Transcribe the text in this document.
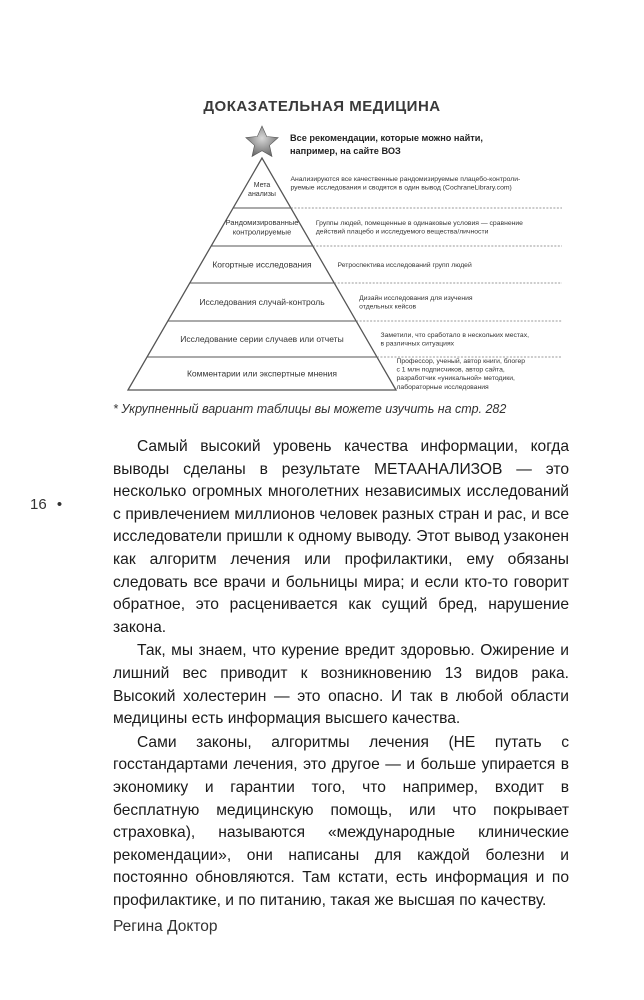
ДОКАЗАТЕЛЬНАЯ МЕДИЦИНА
Мета
анализы
Рандомизированные
контролируемые
Когортные исследования
Исследования случай-контроль
Исследование серии случаев или отчеты
Комментарии или экспертные мнения
Анализируются все качественные рандомизируемые плацебо-контроли-
руемые исследования и сводятся в один вывод (CochraneLibrary.com)
Группы людей, помещенные в одинаковые условия — сравнение
действий плацебо и исследуемого вещества/личности
Ретроспектива исследований групп людей
Дизайн исследования для изучения
отдельных кейсов
Заметили, что сработало в нескольких местах,
в различных ситуациях
Профессор, ученый, автор книги, блогер
с 1 млн подписчиков, автор сайта,
разработчик «уникальной» методики,
лабораторные исследования
Все рекомендации, которые можно найти,
например, на сайте ВОЗ
* Укрупненный вариант таблицы вы можете изучить на стр. 282

Самый высокий уровень качества информации, когда выводы сделаны в результате МЕТААНАЛИЗОВ — это несколько огромных многолетних независимых исследований с привлечением миллионов человек разных стран и рас, и все исследователи пришли к одному выводу. Этот вывод узаконен как алгоритм лечения или профилактики, ему обязаны следовать все врачи и больницы мира; и если кто-то говорит обратное, это расценивается как сущий бред, нарушение закона.

Так, мы знаем, что курение вредит здоровью. Ожирение и лишний вес приводит к возникновению 13 видов рака. Высокий холестерин — это опасно. И так в любой области медицины есть информация высшего качества.

Сами законы, алгоритмы лечения (НЕ путать с госстандартами лечения, это другое — и больше упирается в экономику и гарантии того, что например, входит в бесплатную медицинскую помощь, или что покрывает страховка), называются «международные клинические рекомендации», они написаны для каждой болезни и постоянно обновляются. Там кстати, есть информация и по профилактике, и по питанию, такая же высшая по качеству.

16 •
Регина Доктор
